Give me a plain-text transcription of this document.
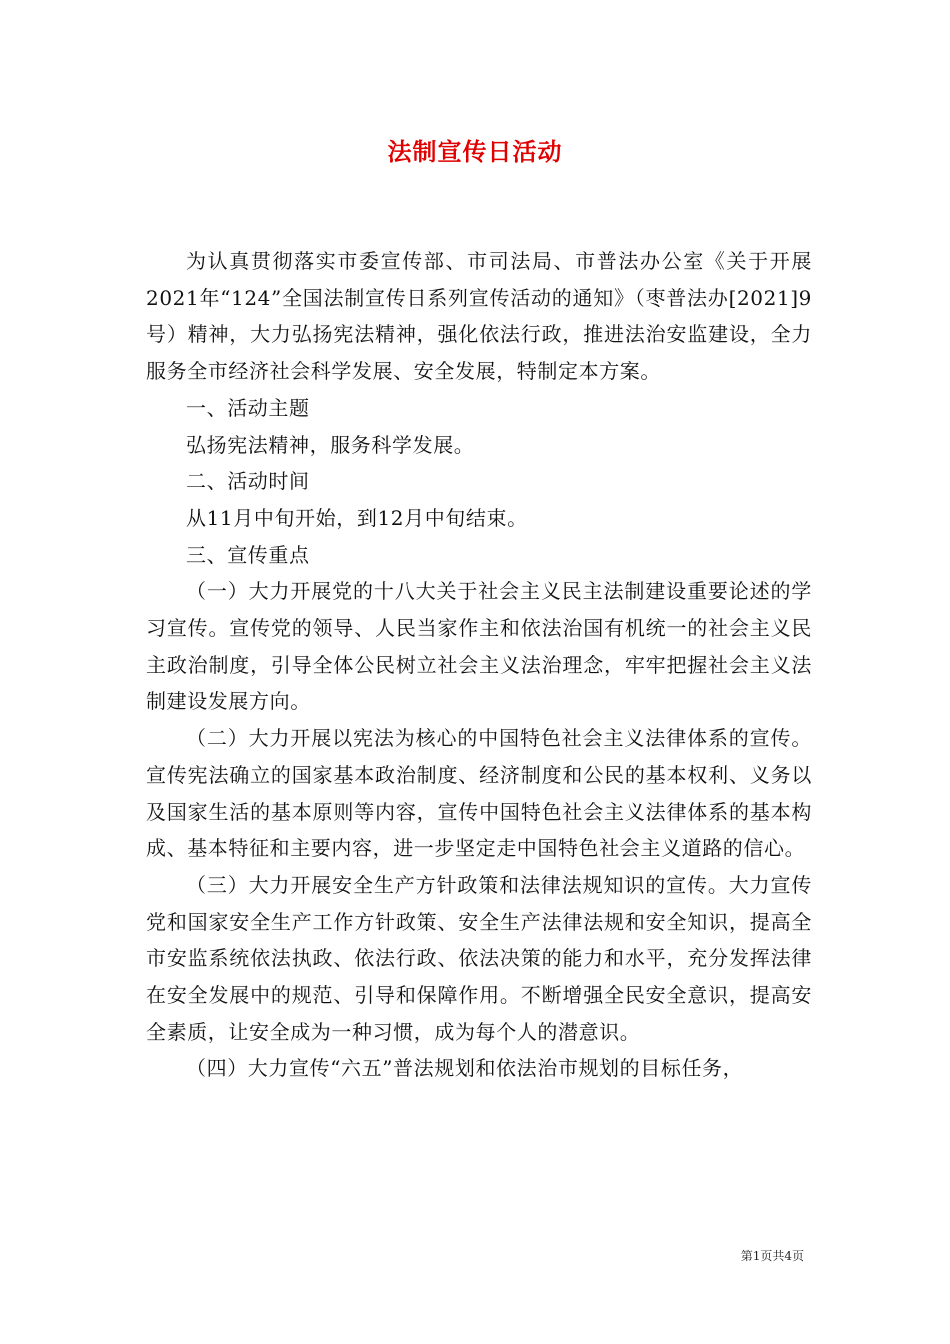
法制宣传日活动

为认真贯彻落实市委宣传部、市司法局、市普法办公室《关于开展2021年“124”全国法制宣传日系列宣传活动的通知》（枣普法办[2021]9号）精神，大力弘扬宪法精神，强化依法行政，推进法治安监建设，全力服务全市经济社会科学发展、安全发展，特制定本方案。

一、活动主题

弘扬宪法精神，服务科学发展。

二、活动时间

从11月中旬开始，到12月中旬结束。

三、宣传重点

（一）大力开展党的十八大关于社会主义民主法制建设重要论述的学习宣传。宣传党的领导、人民当家作主和依法治国有机统一的社会主义民主政治制度，引导全体公民树立社会主义法治理念，牢牢把握社会主义法制建设发展方向。

（二）大力开展以宪法为核心的中国特色社会主义法律体系的宣传。宣传宪法确立的国家基本政治制度、经济制度和公民的基本权利、义务以及国家生活的基本原则等内容，宣传中国特色社会主义法律体系的基本构成、基本特征和主要内容，进一步坚定走中国特色社会主义道路的信心。

（三）大力开展安全生产方针政策和法律法规知识的宣传。大力宣传党和国家安全生产工作方针政策、安全生产法律法规和安全知识，提高全市安监系统依法执政、依法行政、依法决策的能力和水平，充分发挥法律在安全发展中的规范、引导和保障作用。不断增强全民安全意识，提高安全素质，让安全成为一种习惯，成为每个人的潜意识。

（四）大力宣传“六五”普法规划和依法治市规划的目标任务，

第1页共4页
